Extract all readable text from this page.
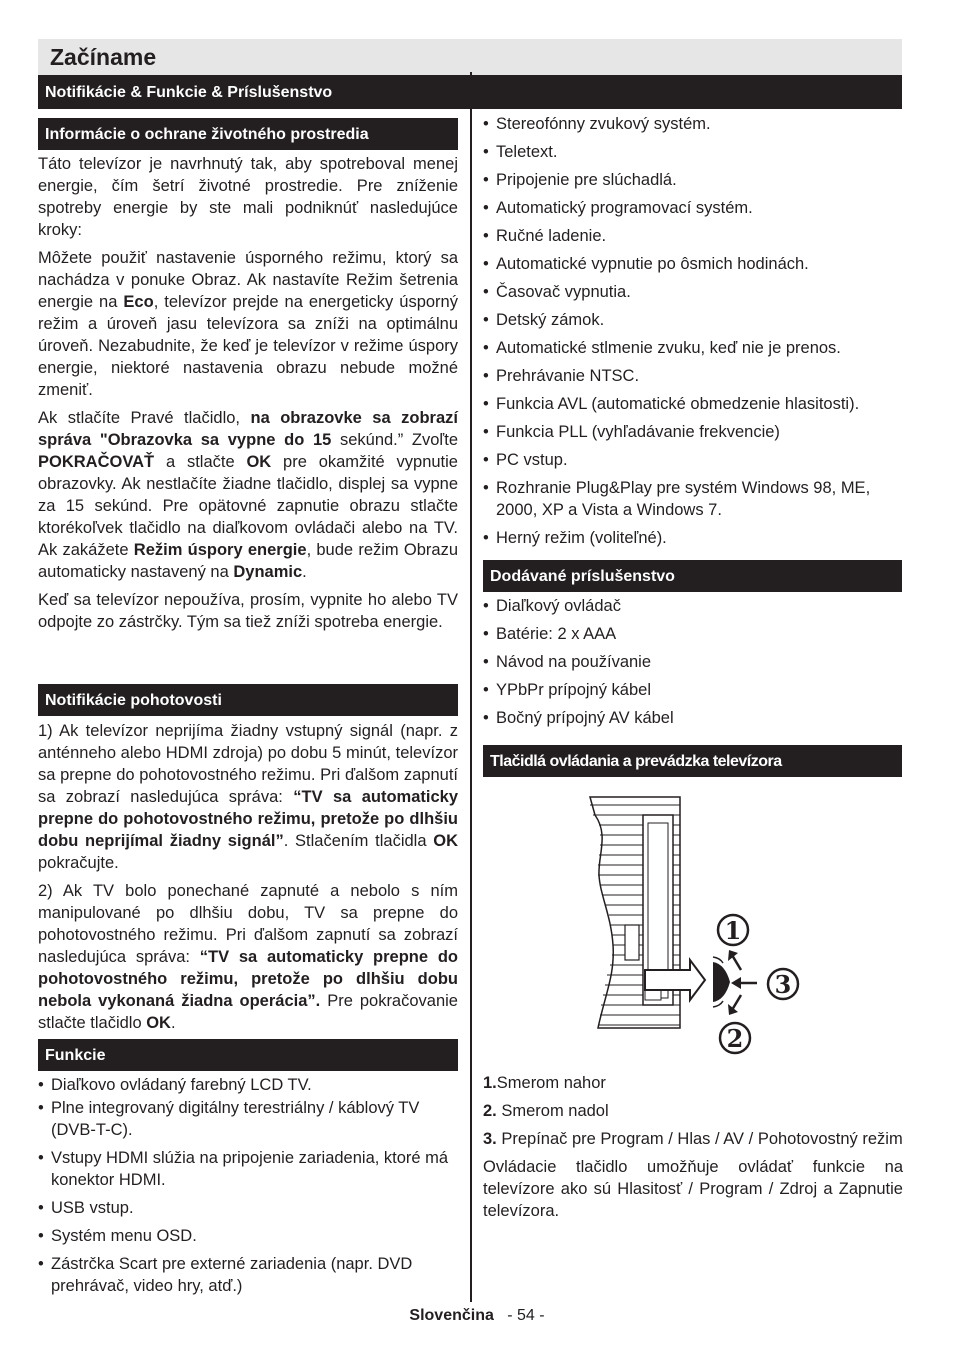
Začíname
Notifikácie & Funkcie & Príslušenstvo
Informácie o ochrane životného prostredia

Táto televízor je navrhnutý tak, aby spotreboval menej energie, čím šetrí životné prostredie. Pre zníženie spotreby energie by ste mali podniknúť nasledujúce kroky:

Môžete použiť nastavenie úsporného režimu, ktorý sa nachádza v ponuke Obraz. Ak nastavíte Režim šetrenia energie na Eco, televízor prejde na energeticky úsporný režim a úroveň jasu televízora sa zníži na optimálnu úroveň. Nezabudnite, že keď je televízor v režime úspory energie, niektoré nastavenia obrazu nebude možné zmeniť.

Ak stlačíte Pravé tlačidlo, na obrazovke sa zobrazí správa "Obrazovka sa vypne do 15 sekúnd.” Zvoľte POKRAČOVAŤ a stlačte OK pre okamžité vypnutie obrazovky. Ak nestlačíte žiadne tlačidlo, displej sa vypne za 15 sekúnd. Pre opätovné zapnutie obrazu stlačte ktorékoľvek tlačidlo na diaľkovom ovládači alebo na TV. Ak zakážete Režim úspory energie, bude režim Obrazu automaticky nastavený na Dynamic.

Keď sa televízor nepoužíva, prosím, vypnite ho alebo TV odpojte zo zástrčky. Tým sa tiež zníži spotreba energie.

Notifikácie pohotovosti

1) Ak televízor neprijíma žiadny vstupný signál (napr. z anténneho alebo HDMI zdroja) po dobu 5 minút, televízor sa prepne do pohotovostného režimu. Pri ďalšom zapnutí sa zobrazí nasledujúca správa: “TV sa automaticky prepne do pohotovostného režimu, pretože po dlhšiu dobu neprijímal žiadny signál”. Stlačením tlačidla OK pokračujte.

2) Ak TV bolo ponechané zapnuté a nebolo s ním manipulované po dlhšiu dobu, TV sa prepne do pohotovostného režimu. Pri ďalšom zapnutí sa zobrazí nasledujúca správa: “TV sa automaticky prepne do pohotovostného režimu, pretože po dlhšiu dobu nebola vykonaná žiadna operácia”. Pre pokračovanie stlačte tlačidlo OK.

Funkcie
• Diaľkovo ovládaný farebný LCD TV.
• Plne integrovaný digitálny terestriálny / káblový TV (DVB-T-C).
• Vstupy HDMI slúžia na pripojenie zariadenia, ktoré má konektor HDMI.
• USB vstup.
• Systém menu OSD.
• Zástrčka Scart pre externé zariadenia (napr. DVD prehrávač, video hry, atď.)
• Stereofónny zvukový systém.
• Teletext.
• Pripojenie pre slúchadlá.
• Automatický programovací systém.
• Ručné ladenie.
• Automatické vypnutie po ôsmich hodinách.
• Časovač vypnutia.
• Detský zámok.
• Automatické stlmenie zvuku, keď nie je prenos.
• Prehrávanie NTSC.
• Funkcia AVL (automatické obmedzenie hlasitosti).
• Funkcia PLL (vyhľadávanie frekvencie)
• PC vstup.
• Rozhranie Plug&Play pre systém Windows 98, ME, 2000, XP a Vista a Windows 7.
• Herný režim (voliteľné).
Dodávané príslušenstvo
• Diaľkový ovládač
• Batérie: 2 x AAA
• Návod na používanie
• YPbPr prípojný kábel
• Bočný prípojný AV kábel
Tlačidlá ovládania a prevádzka televízora
1
3
2

1.Smerom nahor

2. Smerom nadol

3. Prepínač pre Program / Hlas / AV / Pohotovostný režim

Ovládacie tlačidlo umožňuje ovládať funkcie na televízore ako sú Hlasitosť / Program / Zdroj a Zapnutie televízora.

Slovenčina - 54 -
